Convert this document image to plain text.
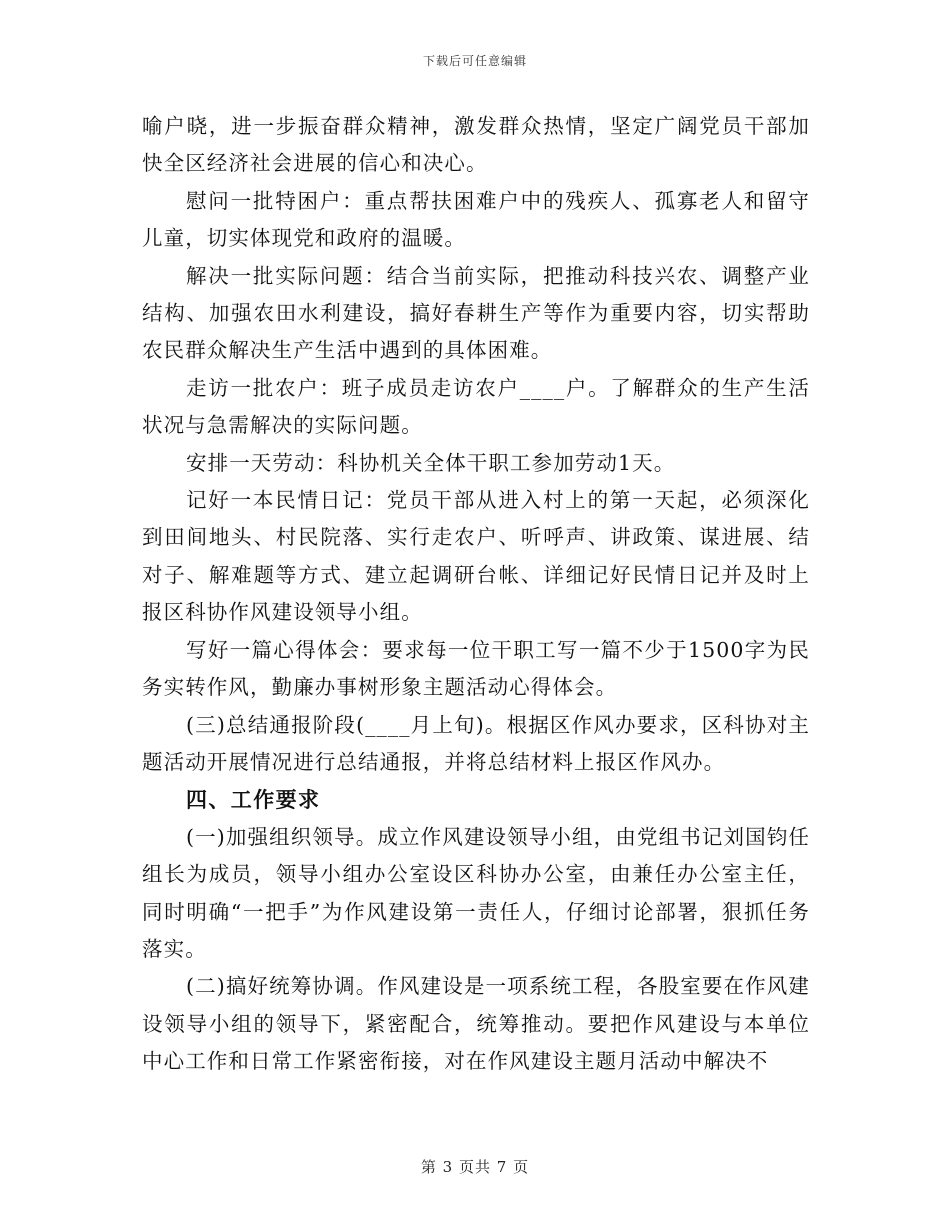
下载后可任意编辑

喻户晓，进一步振奋群众精神，激发群众热情，坚定广阔党员干部加快全区经济社会进展的信心和决心。

慰问一批特困户：重点帮扶困难户中的残疾人、孤寡老人和留守儿童，切实体现党和政府的温暖。

解决一批实际问题：结合当前实际，把推动科技兴农、调整产业结构、加强农田水利建设，搞好春耕生产等作为重要内容，切实帮助农民群众解决生产生活中遇到的具体困难。

走访一批农户：班子成员走访农户____户。了解群众的生产生活状况与急需解决的实际问题。

安排一天劳动：科协机关全体干职工参加劳动1天。

记好一本民情日记：党员干部从进入村上的第一天起，必须深化到田间地头、村民院落、实行走农户、听呼声、讲政策、谋进展、结对子、解难题等方式、建立起调研台帐、详细记好民情日记并及时上报区科协作风建设领导小组。

写好一篇心得体会：要求每一位干职工写一篇不少于1500字为民务实转作风，勤廉办事树形象主题活动心得体会。

(三)总结通报阶段(____月上旬)。根据区作风办要求，区科协对主题活动开展情况进行总结通报，并将总结材料上报区作风办。

四、工作要求

(一)加强组织领导。成立作风建设领导小组，由党组书记刘国钧任组长为成员，领导小组办公室设区科协办公室，由兼任办公室主任，同时明确“一把手”为作风建设第一责任人，仔细讨论部署，狠抓任务落实。

(二)搞好统筹协调。作风建设是一项系统工程，各股室要在作风建设领导小组的领导下，紧密配合，统筹推动。要把作风建设与本单位中心工作和日常工作紧密衔接，对在作风建设主题月活动中解决不

第 3 页共 7 页
